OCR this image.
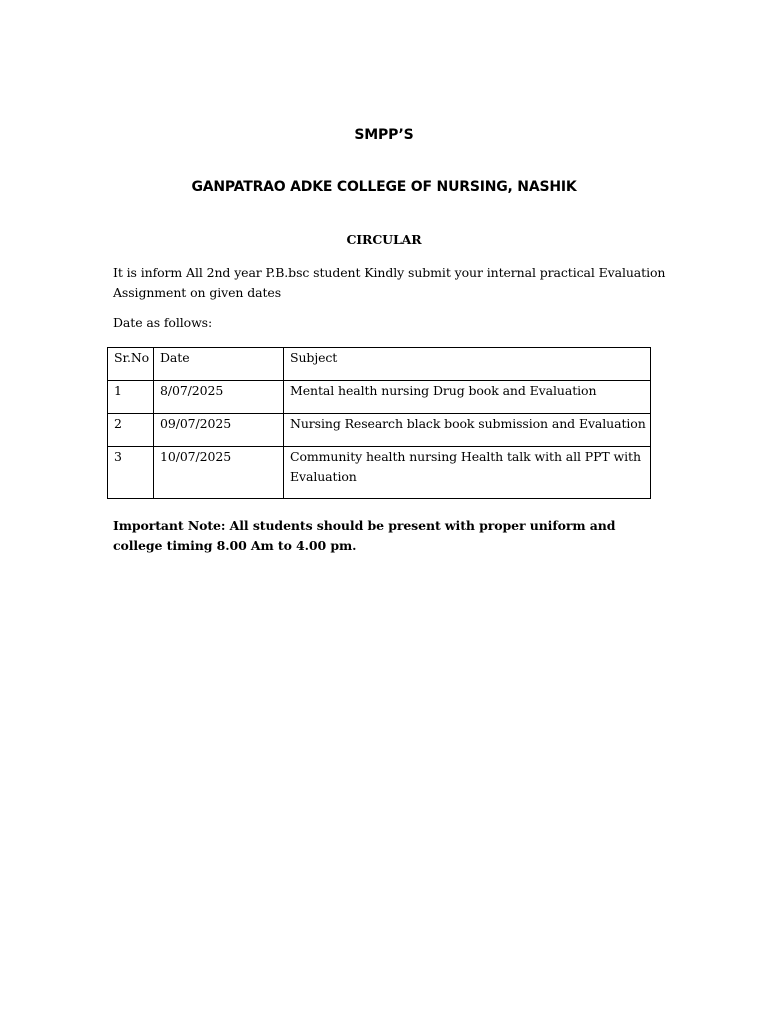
SMPP’S
GANPATRAO ADKE COLLEGE OF NURSING, NASHIK
CIRCULAR

It is inform All 2nd year P.B.bsc student Kindly submit your internal practical Evaluation Assignment on given dates

Date as follows:

Sr.No	Date	Subject

1	8/07/2025	Mental health nursing Drug book and Evaluation

2	09/07/2025	Nursing Research black book submission and Evaluation

3	10/07/2025	Community health nursing Health talk with all PPT with Evaluation

Important Note: All students should be present with proper uniform and college timing 8.00 Am to 4.00 pm.
